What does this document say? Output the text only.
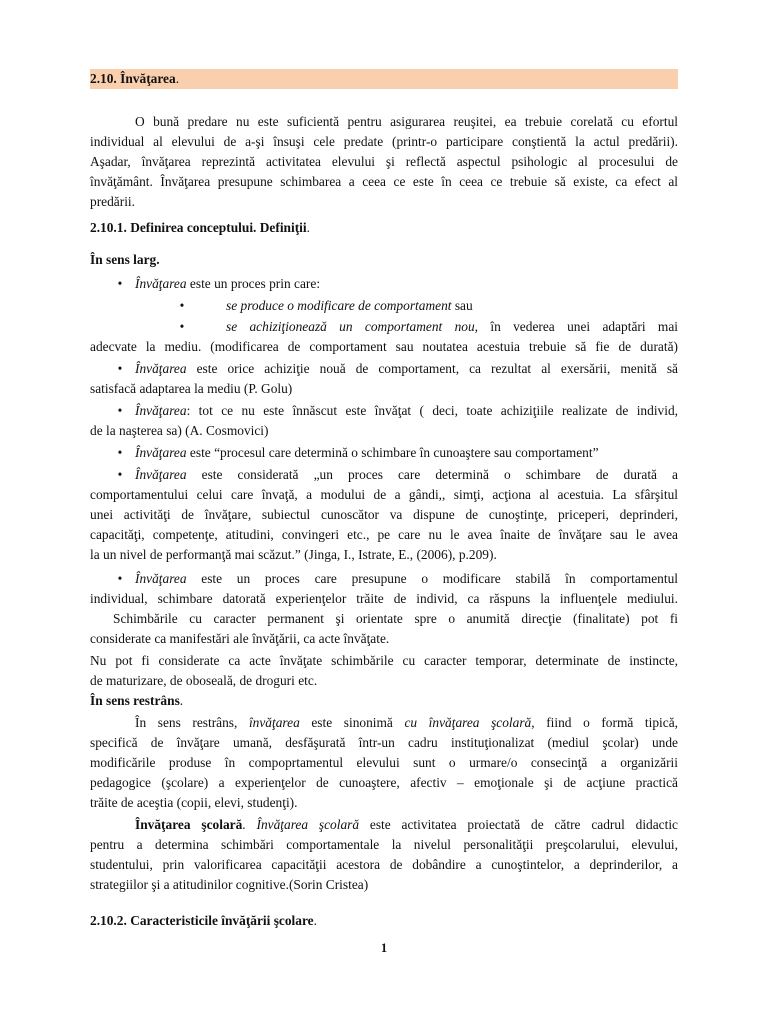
2.10. Învăţarea.
O bună predare nu este suficientă pentru asigurarea reuşitei, ea trebuie corelată cu efortul
individual al elevului de a-şi însuşi cele predate (printr-o participare conştientă la actul predării).
Aşadar, învăţarea reprezintă activitatea elevului şi reflectă aspectul psihologic al procesului de
învăţământ. Învăţarea presupune schimbarea a ceea ce este în ceea ce trebuie să existe, ca efect al
predării.
2.10.1. Definirea conceptului. Definiţii.
În sens larg.
• Învăţarea este un proces prin care:
•	se produce o modificare de comportament sau
•	se achiziţionează un comportament nou, în vederea unei adaptări mai
adecvate la mediu. (modificarea de comportament sau noutatea acestuia trebuie să fie de durată)
• Învăţarea este orice achiziţie nouă de comportament, ca rezultat al exersării, menită să
satisfacă adaptarea la mediu (P. Golu)
• Învăţarea: tot ce nu este înnăscut este învăţat ( deci, toate achiziţiile realizate de individ,
de la naşterea sa) (A. Cosmovici)
• Învăţarea este “procesul care determină o schimbare în cunoaştere sau comportament”
• Învăţarea este considerată „un proces care determină o schimbare de durată a
comportamentului celui care învaţă, a modului de a gândi,, simţi, acţiona al acestuia. La sfârşitul
unei activităţi de învăţare, subiectul cunoscător va dispune de cunoştinţe, priceperi, deprinderi,
capacităţi, competenţe, atitudini, convingeri etc., pe care nu le avea înaite de învăţare sau le avea
la un nivel de performanţă mai scăzut.” (Jinga, I., Istrate, E., (2006), p.209).
• Învăţarea este un proces care presupune o modificare stabilă în comportamentul
individual, schimbare datorată experienţelor trăite de individ, ca răspuns la influenţele mediului.
Schimbările cu caracter permanent şi orientate spre o anumită direcţie (finalitate) pot fi
considerate ca manifestări ale învăţării, ca acte învăţate.
Nu pot fi considerate ca acte învăţate schimbările cu caracter temporar, determinate de instincte,
de maturizare, de oboseală, de droguri etc.
În sens restrâns.
În sens restrâns, învăţarea este sinonimă cu învăţarea şcolară, fiind o formă tipică,
specifică de învăţare umană, desfăşurată într-un cadru instituţionalizat (mediul şcolar) unde
modificările produse în compoprtamentul elevului sunt o urmare/o consecinţă a organizării
pedagogice (şcolare) a experienţelor de cunoaştere, afectiv – emoţionale şi de acţiune practică
trăite de aceştia (copii, elevi, studenţi).
Învăţarea şcolară. Învăţarea şcolară este activitatea proiectată de către cadrul didactic
pentru a determina schimbări comportamentale la nivelul personalităţii preşcolarului, elevului,
studentului, prin valorificarea capacităţii acestora de dobândire a cunoştintelor, a deprinderilor, a
strategiilor şi a atitudinilor cognitive.(Sorin Cristea)
2.10.2. Caracteristicile învăţării şcolare.
1
